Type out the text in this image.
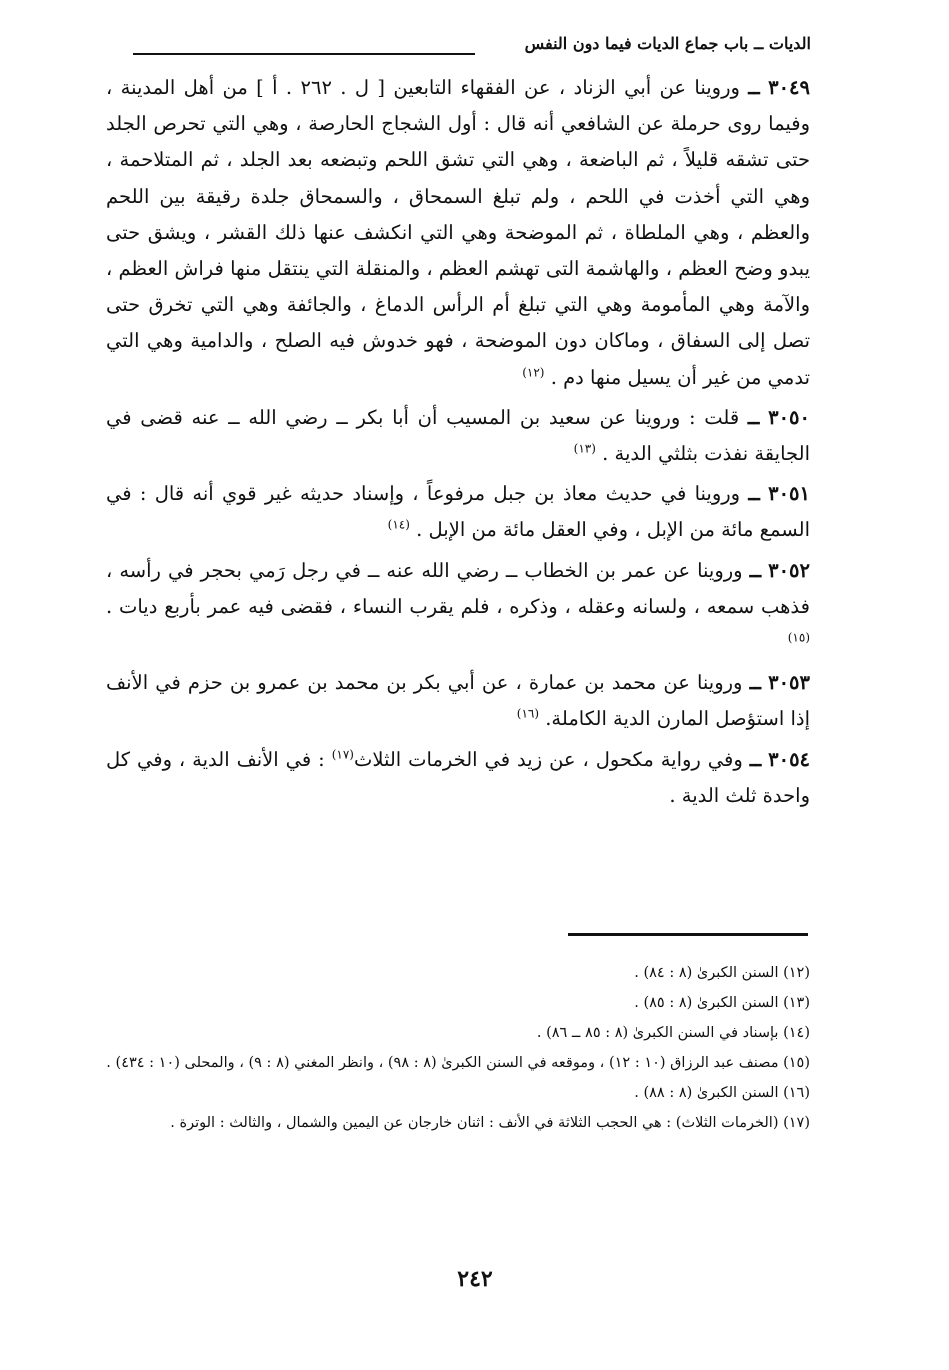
الديات ــ باب جماع الديات فيما دون النفس

٣٠٤٩ ــ وروينا عن أبي الزناد ، عن الفقهاء التابعين [ ل . ٢٦٢ . أ ] من أهل المدينة ، وفيما روى حرملة عن الشافعي أنه قال : أول الشجاج الحارصة ، وهي التي تحرص الجلد حتى تشقه قليلاً ، ثم الباضعة ، وهي التي تشق اللحم وتبضعه بعد الجلد ، ثم المتلاحمة ، وهي التي أخذت في اللحم ، ولم تبلغ السمحاق ، والسمحاق جلدة رقيقة بين اللحم والعظم ، وهي الملطاة ، ثم الموضحة وهي التي انكشف عنها ذلك القشر ، ويشق حتى يبدو وضح العظم ، والهاشمة التى تهشم العظم ، والمنقلة التي ينتقل منها فراش العظم ، والآمة وهي المأمومة وهي التي تبلغ أم الرأس الدماغ ، والجائفة وهي التي تخرق حتى تصل إلى السفاق ، وماكان دون الموضحة ، فهو خدوش فيه الصلح ، والدامية وهي التي تدمي من غير أن يسيل منها دم . $^{(١٢)}$

٣٠٥٠ ــ قلت : وروينا عن سعيد بن المسيب أن أبا بكر ــ رضي الله ــ عنه قضى في الجايقة نفذت بثلثي الدية . $^{(١٣)}$

٣٠٥١ ــ وروينا في حديث معاذ بن جبل مرفوعاً ، وإسناد حديثه غير قوي أنه قال : في السمع مائة من الإبل ، وفي العقل مائة من الإبل . $^{(١٤)}$

٣٠٥٢ ــ وروينا عن عمر بن الخطاب ــ رضي الله عنه ــ في رجل رَمي بحجر في رأسه ، فذهب سمعه ، ولسانه وعقله ، وذكره ، فلم يقرب النساء ، فقضى فيه عمر بأربع ديات . $^{(١٥)}$

٣٠٥٣ ــ وروينا عن محمد بن عمارة ، عن أبي بكر بن محمد بن عمرو بن حزم في الأنف إذا استؤصل المارن الدية الكاملة. $^{(١٦)}$

٣٠٥٤ ــ وفي رواية مكحول ، عن زيد في الخرمات الثلاث$^{(١٧)}$ : في الأنف الدية ، وفي كل واحدة ثلث الدية .

(١٢) السنن الكبرىٰ (٨ : ٨٤) .

(١٣) السنن الكبرىٰ (٨ : ٨٥) .

(١٤) بإسناد في السنن الكبرىٰ (٨ : ٨٥ ــ ٨٦) .

(١٥) مصنف عبد الرزاق (١٠ : ١٢) ، وموقعه في السنن الكبرىٰ (٨ : ٩٨) ، وانظر المغني (٨ : ٩) ، والمحلى (١٠ : ٤٣٤) .

(١٦) السنن الكبرىٰ (٨ : ٨٨) .

(١٧) (الخرمات الثلاث) : هي الحجب الثلاثة في الأنف : اثنان خارجان عن اليمين والشمال ، والثالث : الوترة .

٢٤٢
